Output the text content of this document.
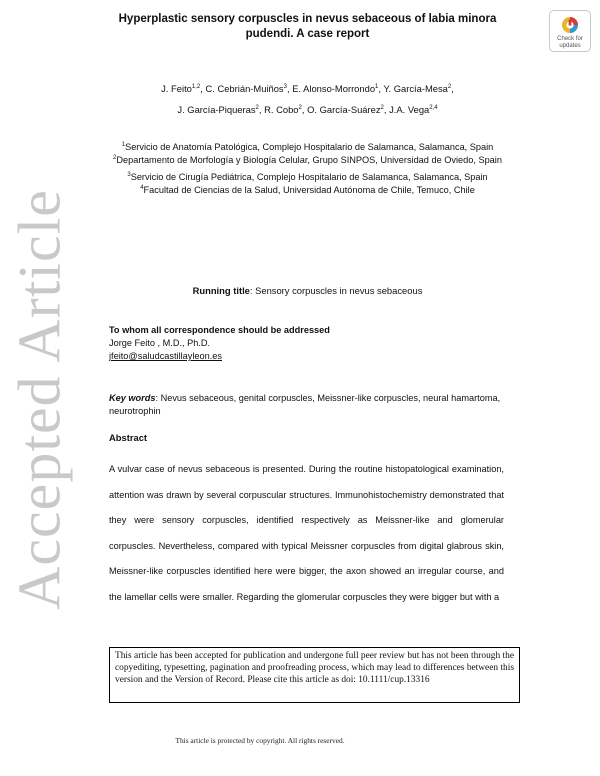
Accepted Article
Check for
updates
Hyperplastic sensory corpuscles in nevus sebaceous of labia minora pudendi. A case report
J. Feito$^{1,2}$, C. Cebrián-Muiños$^3$, E. Alonso-Morrondo$^1$, Y. García-Mesa$^2$,
J. García-Piqueras$^2$, R. Cobo$^2$, O. García-Suárez$^2$, J.A. Vega$^{2,4}$
$^1$Servicio de Anatomía Patológica, Complejo Hospitalario de Salamanca, Salamanca, Spain
$^2$Departamento de Morfología y Biología Celular, Grupo SINPOS, Universidad de Oviedo, Spain
$^3$Servicio de Cirugía Pediátrica, Complejo Hospitalario de Salamanca, Salamanca, Spain
$^4$Facultad de Ciencias de la Salud, Universidad Autónoma de Chile, Temuco, Chile
Running title: Sensory corpuscles in nevus sebaceous
To whom all correspondence should be addressed
Jorge Feito , M.D., Ph.D.
jfeito@saludcastillayleon.es
Key words: Nevus sebaceous, genital corpuscles, Meissner-like corpuscles, neural hamartoma, neurotrophin
Abstract
A vulvar case of nevus sebaceous is presented. During the routine histopatological examination, attention was drawn by several corpuscular structures. Immunohistochemistry demonstrated that they were sensory corpuscles, identified respectively as Meissner-like and glomerular corpuscles. Nevertheless, compared with typical Meissner corpuscles from digital glabrous skin, Meissner-like corpuscles identified here were bigger, the axon showed an irregular course, and the lamellar cells were smaller. Regarding the glomerular corpuscles they were bigger but with a
This article has been accepted for publication and undergone full peer review but has not been through the copyediting, typesetting, pagination and proofreading process, which may lead to differences between this version and the Version of Record. Please cite this article as doi: 10.1111/cup.13316
This article is protected by copyright. All rights reserved.
